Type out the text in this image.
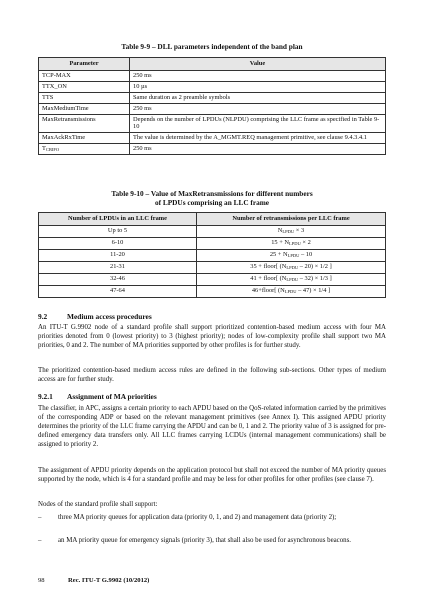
Table 9-9 – DLL parameters independent of the band plan
Parameter	Value
TCP-MAX	250 ms
TTX_ON	10 µs
TTS	Same duration as 2 preamble symbols
MaxMediumTime	250 ms
MaxRetransmissions	Depends on the number of LPDUs (NLPDU) comprising the LLC frame as specified in Table 9-10
MaxAckRxTime	The value is determined by the A_MGMT.REQ management primitive, see clause 9.4.3.4.1
$T_{CBIFO}$	250 ms
Table 9-10 – Value of MaxRetransmissions for different numbers
of LPDUs comprising an LLC frame
Number of LPDUs in an LLC frame	Number of retransmissions per LLC frame
Up to 5	$N_{LPDU} \times 3$
6-10	$15 + N_{LPDU} \times 2$
11-20	$25 + N_{LPDU} - 10$
21-31	35 + floor[ $(N_{LPDU} - 20) \times 1/2$ ]
32-46	41 + floor[ $(N_{LPDU} - 32) \times 1/3$ ]
47-64	46+floor[ $(N_{LPDU} - 47) \times 1/4$ ]
9.2	Medium access procedures

An ITU-T G.9902 node of a standard profile shall support prioritized contention-based medium access with four MA priorities denoted from 0 (lowest priority) to 3 (highest priority); nodes of low-complexity profile shall support two MA priorities, 0 and 2. The number of MA priorities supported by other profiles is for further study.

The prioritized contention-based medium access rules are defined in the following sub-sections. Other types of medium access are for further study.

9.2.1 Assignment of MA priorities

The classifier, in APC, assigns a certain priority to each APDU based on the QoS-related information carried by the primitives of the corresponding ADP or based on the relevant management primitives (see Annex I). This assigned APDU priority determines the priority of the LLC frame carrying the APDU and can be 0, 1 and 2. The priority value of 3 is assigned for pre-defined emergency data transfers only. All LLC frames carrying LCDUs (internal management communications) shall be assigned to priority 2.

The assignment of APDU priority depends on the application protocol but shall not exceed the number of MA priority queues supported by the node, which is 4 for a standard profile and may be less for other profiles for other profiles (see clause 7).

Nodes of the standard profile shall support:

– three MA priority queues for application data (priority 0, 1, and 2) and management data (priority 2);
– an MA priority queue for emergency signals (priority 3), that shall also be used for asynchronous beacons.
98	Rec. ITU-T G.9902 (10/2012)
